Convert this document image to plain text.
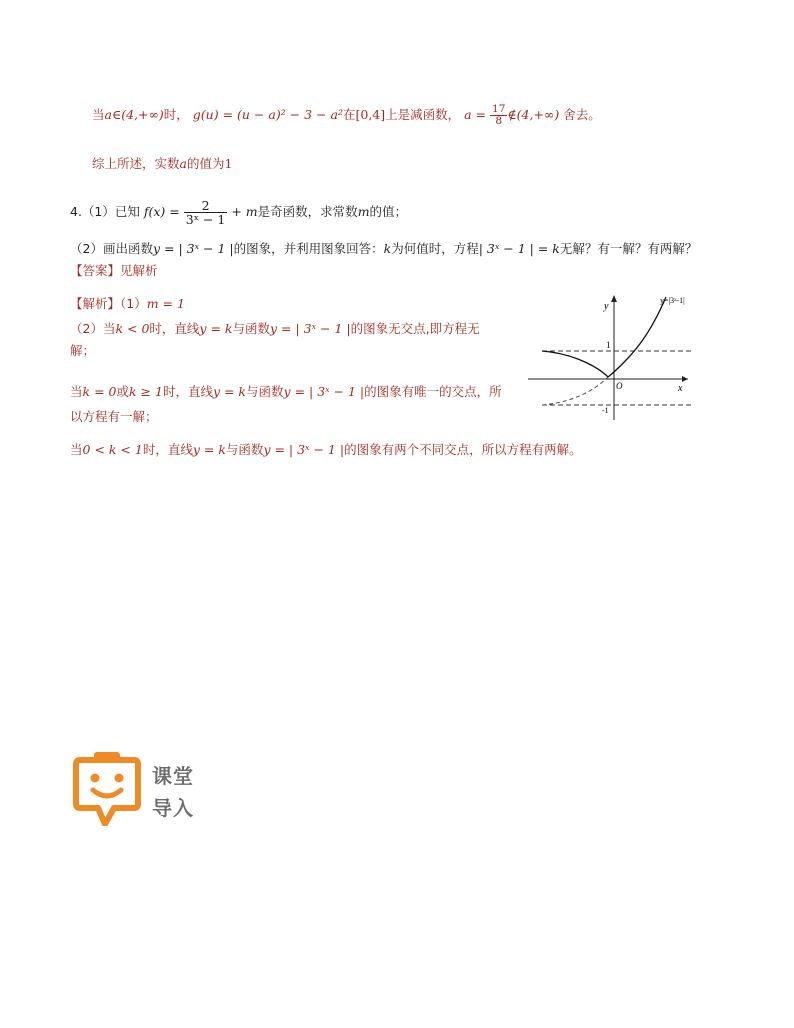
当a∈(4,+∞)时， g(u) = (u − a)² − 3 − a²在[0,4]上是减函数， $a = \frac{17}{8}$ ∉(4,+∞) 舍去。
综上所述，实数a的值为1
4.（1）已知 $f(x) = \frac{2}{\text{3ˣ − 1}} + m$是奇函数，求常数m的值；
（2）画出函数y = | 3ˣ − 1 |的图象，并利用图象回答：k为何值时，方程| 3ˣ − 1 | = k无解？有一解？有两解？
【答案】见解析
【解析】（1）m = 1
（2）当k < 0时，直线y = k与函数y = | 3ˣ − 1 |的图象无交点,即方程无
解；
当k = 0或k ≥ 1时，直线y = k与函数y = | 3ˣ − 1 |的图象有唯一的交点，所
以方程有一解；
当0 < k < 1时，直线y = k与函数y = | 3ˣ − 1 |的图象有两个不同交点，所以方程有两解。
y
x
O
1
-1
y=|3ˣ-1|
课堂
导入
